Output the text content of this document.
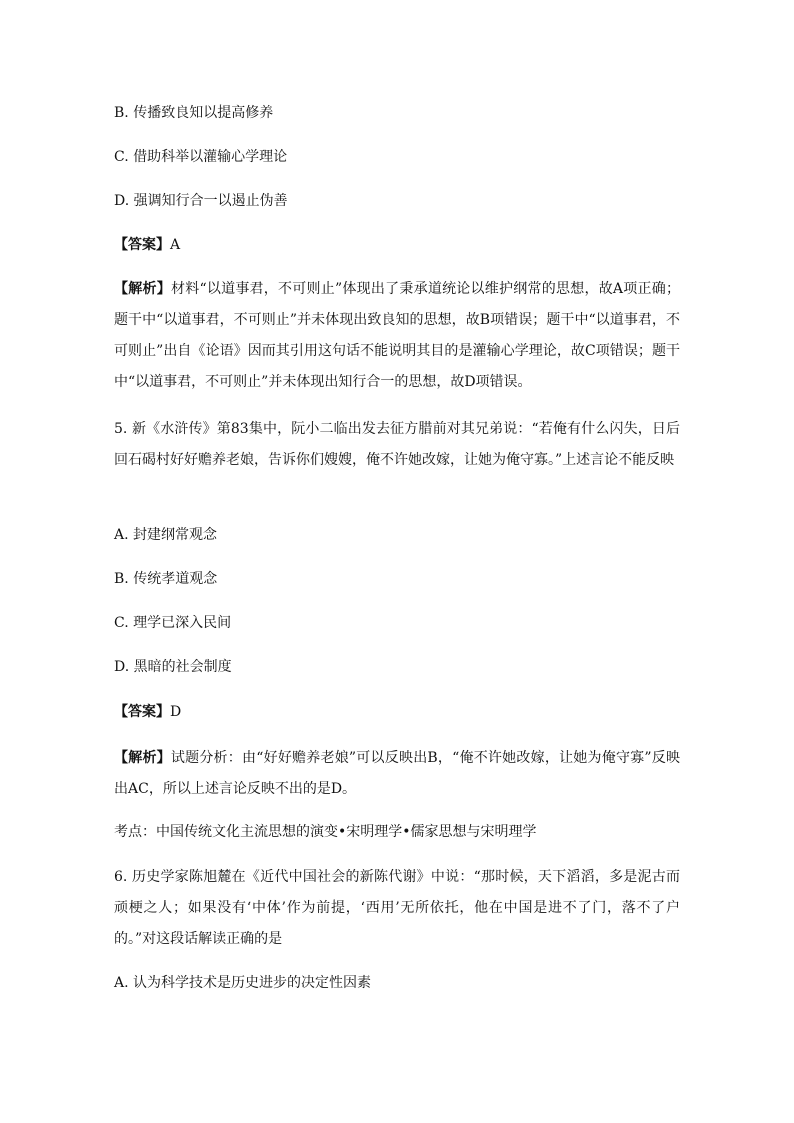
B. 传播致良知以提高修养

C. 借助科举以灌输心学理论

D. 强调知行合一以遏止伪善

【答案】A

【解析】材料“以道事君，不可则止”体现出了秉承道统论以维护纲常的思想，故A项正确；题干中“以道事君，不可则止”并未体现出致良知的思想，故B项错误；题干中“以道事君，不可则止”出自《论语》因而其引用这句话不能说明其目的是灌输心学理论，故C项错误；题干中“以道事君，不可则止”并未体现出知行合一的思想，故D项错误。

5. 新《水浒传》第83集中，阮小二临出发去征方腊前对其兄弟说：“若俺有什么闪失，日后回石碣村好好赡养老娘，告诉你们嫂嫂，俺不许她改嫁，让她为俺守寡。”上述言论不能反映

A. 封建纲常观念

B. 传统孝道观念

C. 理学已深入民间

D. 黑暗的社会制度

【答案】D

【解析】试题分析：由“好好赡养老娘”可以反映出B，“俺不许她改嫁，让她为俺守寡”反映出AC，所以上述言论反映不出的是D。

考点：中国传统文化主流思想的演变•宋明理学•儒家思想与宋明理学

6. 历史学家陈旭麓在《近代中国社会的新陈代谢》中说：“那时候，天下滔滔，多是泥古而顽梗之人；如果没有‘中体’作为前提，‘西用’无所依托，他在中国是进不了门，落不了户的。”对这段话解读正确的是

A. 认为科学技术是历史进步的决定性因素
